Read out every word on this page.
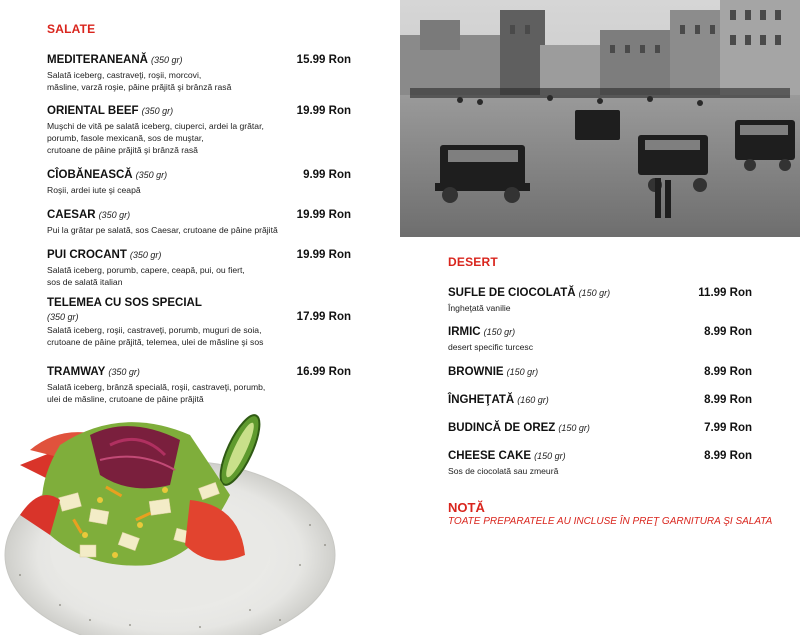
SALATE
MEDITERANEANĂ (350 gr)	15.99 Ron
Salată iceberg, castraveţi, roşii, morcovi,
măsline, varză roşie, pâine prăjită şi brânză rasă
ORIENTAL BEEF (350 gr)	19.99 Ron
Muşchi de vită pe salată iceberg, ciuperci, ardei la grătar,
porumb, fasole mexicană, sos de muştar,
crutoane de pâine prăjită şi brânză rasă
CÎOBĂNEASCĂ (350 gr)	9.99 Ron
Roşii, ardei iute şi ceapă
CAESAR (350 gr)	19.99 Ron
Pui la grătar pe salată, sos Caesar, crutoane de pâine prăjită
PUI CROCANT (350 gr)	19.99 Ron
Salată iceberg, porumb, capere, ceapă, pui, ou fiert,
sos de salată italian
TELEMEA CU SOS SPECIAL
(350 gr)	17.99 Ron
Salată iceberg, roşii, castraveţi, porumb, muguri de soia,
crutoane de pâine prăjită, telemea, ulei de măsline şi sos
TRAMWAY (350 gr)	16.99 Ron
Salată iceberg, brânză specială, roşii, castraveţi, porumb,
ulei de măsline, crutoane de pâine prăjită
DESERT
SUFLE DE CIOCOLATĂ (150 gr)	11.99 Ron
Îngheţată vanilie
IRMIC (150 gr)	8.99 Ron
desert specific turcesc
BROWNIE (150 gr)	8.99 Ron
ÎNGHEŢATĂ (160 gr)	8.99 Ron
BUDINCĂ DE OREZ (150 gr)	7.99 Ron
CHEESE CAKE (150 gr)	8.99 Ron
Sos de ciocolată sau zmeură
NOTĂ
TOATE PREPARATELE AU INCLUSE ÎN PREŢ GARNITURA ŞI SALATA
